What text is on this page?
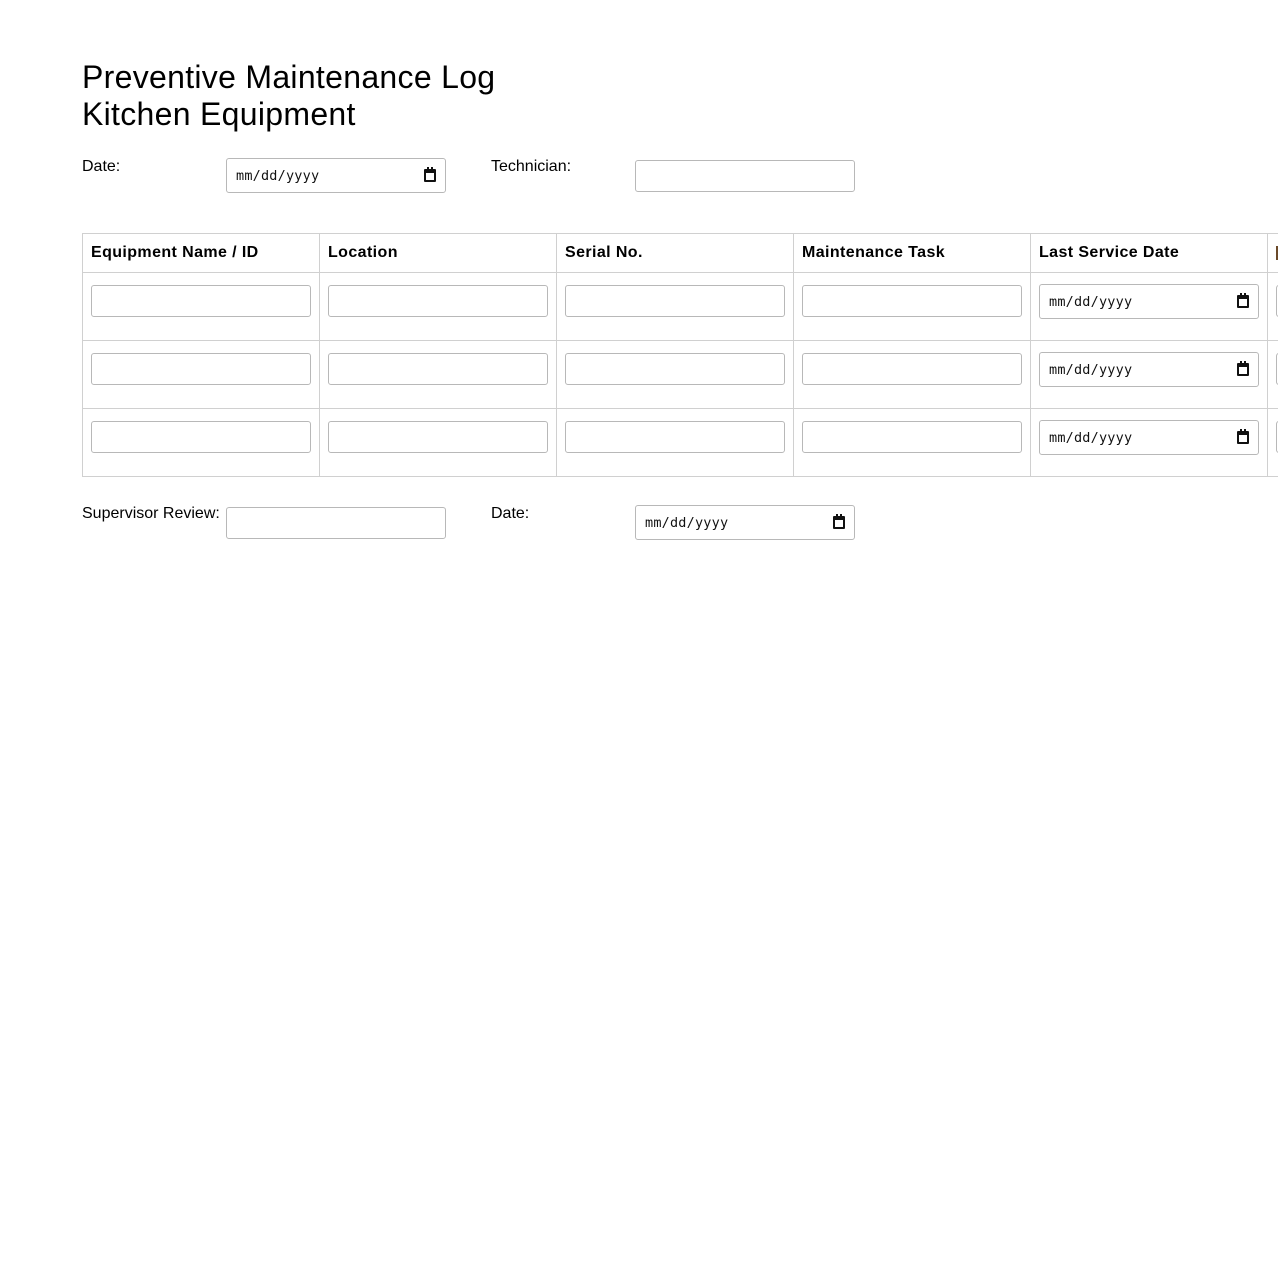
Preventive Maintenance Log
Kitchen Equipment
Date:
mm/dd/yyyy
Technician:
Equipment Name / ID	Location	Serial No.	Maintenance Task	Last Service Date	

				mm/dd/yyyy	

				mm/dd/yyyy	

				mm/dd/yyyy	

Supervisor Review:	Date:
mm/dd/yyyy
